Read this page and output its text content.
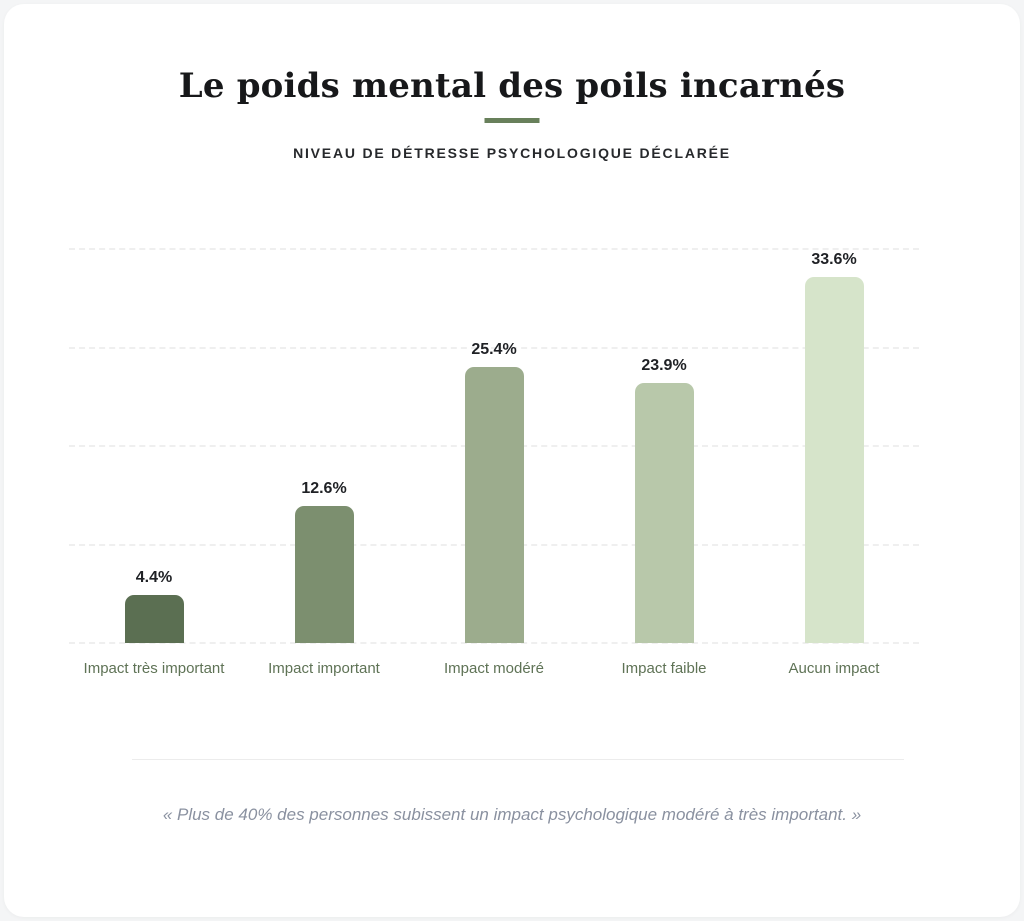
Le poids mental des poils incarnés
NIVEAU DE DÉTRESSE PSYCHOLOGIQUE DÉCLARÉE
4.4%
12.6%
25.4%
23.9%
33.6%
Impact très important	Impact important	Impact modéré	Impact faible	Aucun impact

« Plus de 40% des personnes subissent un impact psychologique modéré à très important. »
